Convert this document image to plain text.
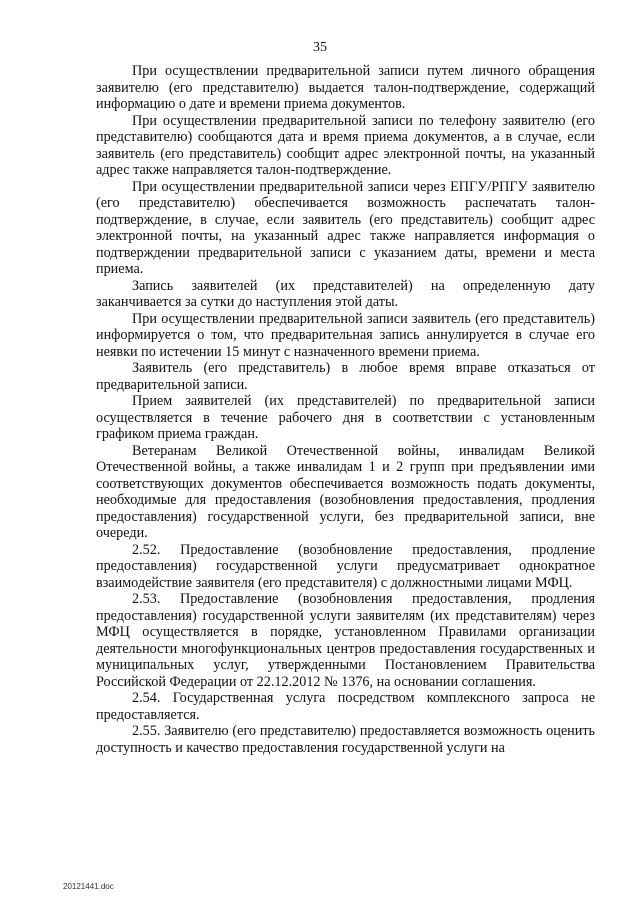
35

При осуществлении предварительной записи путем личного обращения заявителю (его представителю) выдается талон-подтверждение, содержащий информацию о дате и времени приема документов.

При осуществлении предварительной записи по телефону заявителю (его представителю) сообщаются дата и время приема документов, а в случае, если заявитель (его представитель) сообщит адрес электронной почты, на указанный адрес также направляется талон-подтверждение.

При осуществлении предварительной записи через ЕПГУ/РПГУ заявителю (его представителю) обеспечивается возможность распечатать талон-подтверждение, в случае, если заявитель (его представитель) сообщит адрес электронной почты, на указанный адрес также направляется информация о подтверждении предварительной записи с указанием даты, времени и места приема.

Запись заявителей (их представителей) на определенную дату заканчивается за сутки до наступления этой даты.

При осуществлении предварительной записи заявитель (его представитель) информируется о том, что предварительная запись аннулируется в случае его неявки по истечении 15 минут с назначенного времени приема.

Заявитель (его представитель) в любое время вправе отказаться от предварительной записи.

Прием заявителей (их представителей) по предварительной записи осуществляется в течение рабочего дня в соответствии с установленным графиком приема граждан.

Ветеранам Великой Отечественной войны, инвалидам Великой Отечественной войны, а также инвалидам 1 и 2 групп при предъявлении ими соответствующих документов обеспечивается возможность подать документы, необходимые для предоставления (возобновления предоставления, продления предоставления) государственной услуги, без предварительной записи, вне очереди.

2.52. Предоставление (возобновление предоставления, продление предоставления) государственной услуги предусматривает однократное взаимодействие заявителя (его представителя) с должностными лицами МФЦ.

2.53. Предоставление (возобновления предоставления, продления предоставления) государственной услуги заявителям (их представителям) через МФЦ осуществляется в порядке, установленном Правилами организации деятельности многофункциональных центров предоставления государственных и муниципальных услуг, утвержденными Постановлением Правительства Российской Федерации от 22.12.2012 № 1376, на основании соглашения.

2.54. Государственная услуга посредством комплексного запроса не предоставляется.

2.55. Заявителю (его представителю) предоставляется возможность оценить доступность и качество предоставления государственной услуги на

20121441.doc
